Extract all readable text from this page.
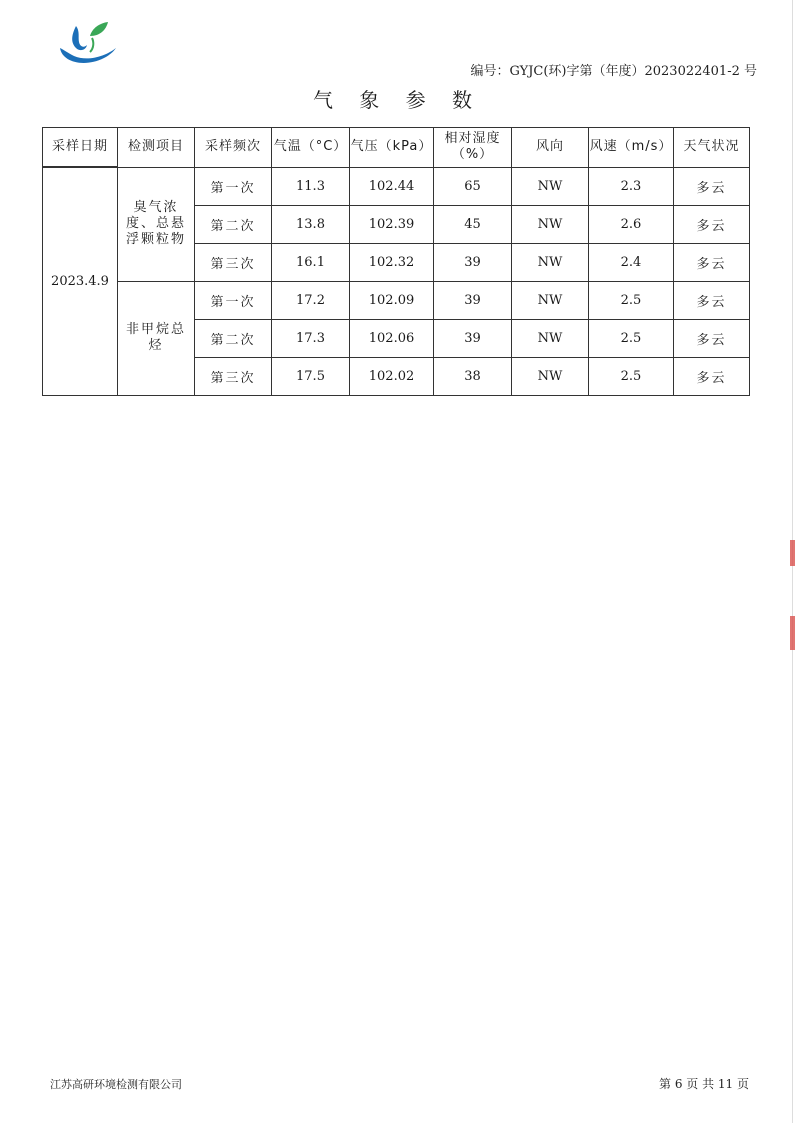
编号：GYJC(环)字第（年度）2023022401-2 号
气 象 参 数
采样日期	检测项目	采样频次	气温（°C）	气压（kPa）	相对湿度（%）	风向	风速（m/s）	天气状况
2023.4.9	臭气浓度、总悬浮颗粒物	第一次	11.3	102.44	65	NW	2.3	多云
		第二次	13.8	102.39	45	NW	2.6	多云
		第三次	16.1	102.32	39	NW	2.4	多云
	非甲烷总烃	第一次	17.2	102.09	39	NW	2.5	多云
		第二次	17.3	102.06	39	NW	2.5	多云
		第三次	17.5	102.02	38	NW	2.5	多云
江苏高研环境检测有限公司	第 6 页 共 11 页
